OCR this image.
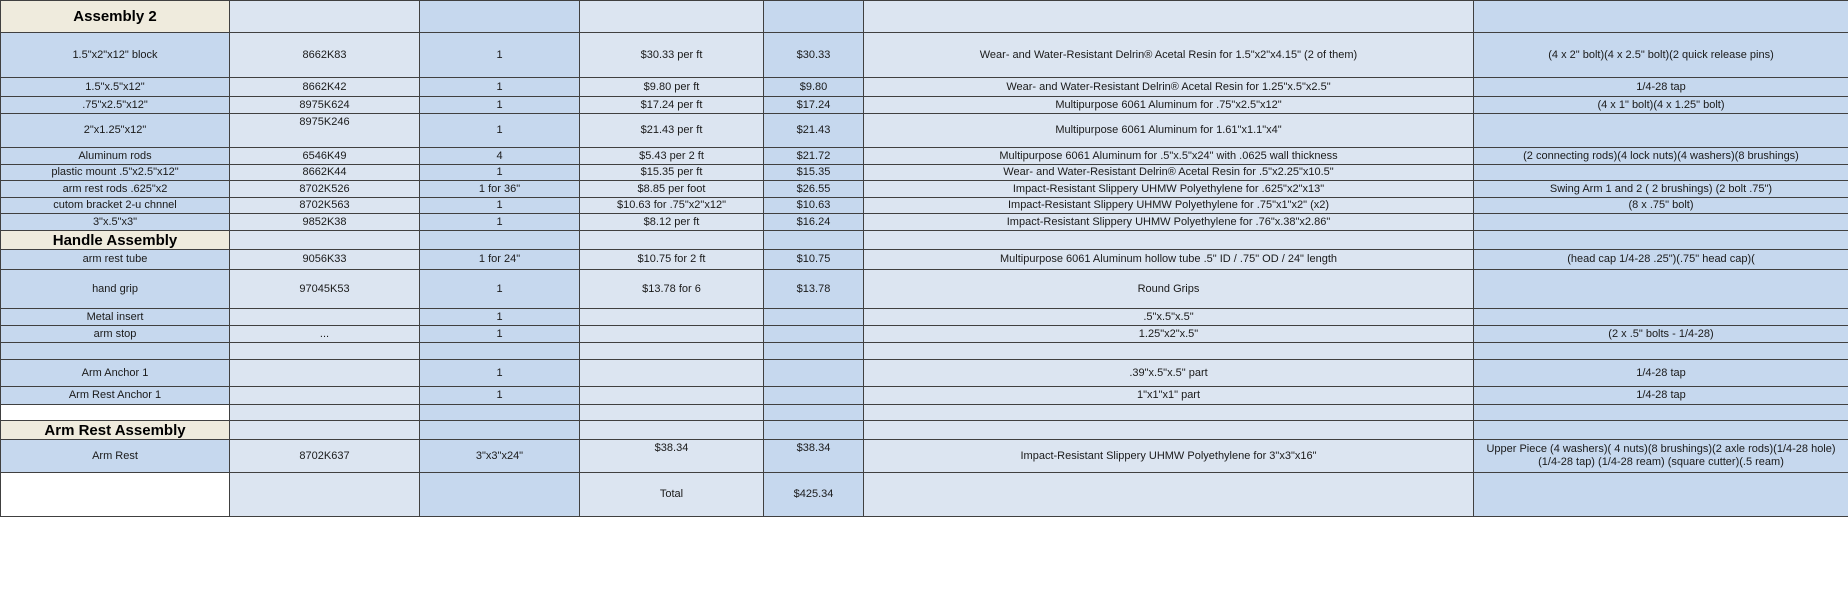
Assembly 2						
1.5"x2"x12" block	8662K83	1	$30.33 per ft	$30.33	Wear- and Water-Resistant Delrin® Acetal Resin for 1.5"x2"x4.15" (2 of them)	(4 x 2" bolt)(4 x 2.5" bolt)(2 quick release pins)
1.5"x.5"x12"	8662K42	1	$9.80 per ft	$9.80	Wear- and Water-Resistant Delrin® Acetal Resin for 1.25"x.5"x2.5"	1/4-28 tap
.75"x2.5"x12"	8975K624	1	$17.24 per ft	$17.24	Multipurpose 6061 Aluminum for .75"x2.5"x12"	(4 x 1" bolt)(4 x 1.25" bolt)
2"x1.25"x12"	8975K246	1	$21.43 per ft	$21.43	Multipurpose 6061 Aluminum for 1.61"x1.1"x4"	
Aluminum rods	6546K49	4	$5.43 per 2 ft	$21.72	Multipurpose 6061 Aluminum for .5"x.5"x24" with .0625 wall thickness	(2 connecting rods)(4 lock nuts)(4 washers)(8 brushings)
plastic mount .5"x2.5"x12"	8662K44	1	$15.35 per ft	$15.35	Wear- and Water-Resistant Delrin® Acetal Resin for .5"x2.25"x10.5"	
arm rest rods .625"x2	8702K526	1 for 36"	$8.85 per foot	$26.55	Impact-Resistant Slippery UHMW Polyethylene for .625"x2"x13"	Swing Arm 1 and 2 ( 2 brushings) (2 bolt .75")
cutom bracket 2-u chnnel	8702K563	1	$10.63 for .75"x2"x12"	$10.63	Impact-Resistant Slippery UHMW Polyethylene for .75"x1"x2" (x2)	(8 x .75" bolt)
3"x.5"x3"	9852K38	1	$8.12 per ft	$16.24	Impact-Resistant Slippery UHMW Polyethylene for .76"x.38"x2.86"	
Handle Assembly						
arm rest tube	9056K33	1 for 24"	$10.75 for 2 ft	$10.75	Multipurpose 6061 Aluminum hollow tube .5" ID / .75" OD / 24" length	(head cap 1/4-28 .25")(.75" head cap)(
hand grip	97045K53	1	$13.78 for 6	$13.78	Round Grips	
Metal insert		1			.5"x.5"x.5"	
arm stop	...	1			1.25"x2"x.5"	(2 x .5" bolts - 1/4-28)

Arm Anchor 1		1			.39"x.5"x.5" part	1/4-28 tap
Arm Rest Anchor 1		1			1"x1"x1" part	1/4-28 tap

Arm Rest Assembly						
Arm Rest	8702K637	3"x3"x24"	$38.34	$38.34	Impact-Resistant Slippery UHMW Polyethylene for 3"x3"x16"	Upper Piece (4 washers)( 4 nuts)(8 brushings)(2 axle rods)(1/4-28 hole)(1/4-28 tap) (1/4-28 ream) (square cutter)(.5 ream)
			Total	$425.34		
